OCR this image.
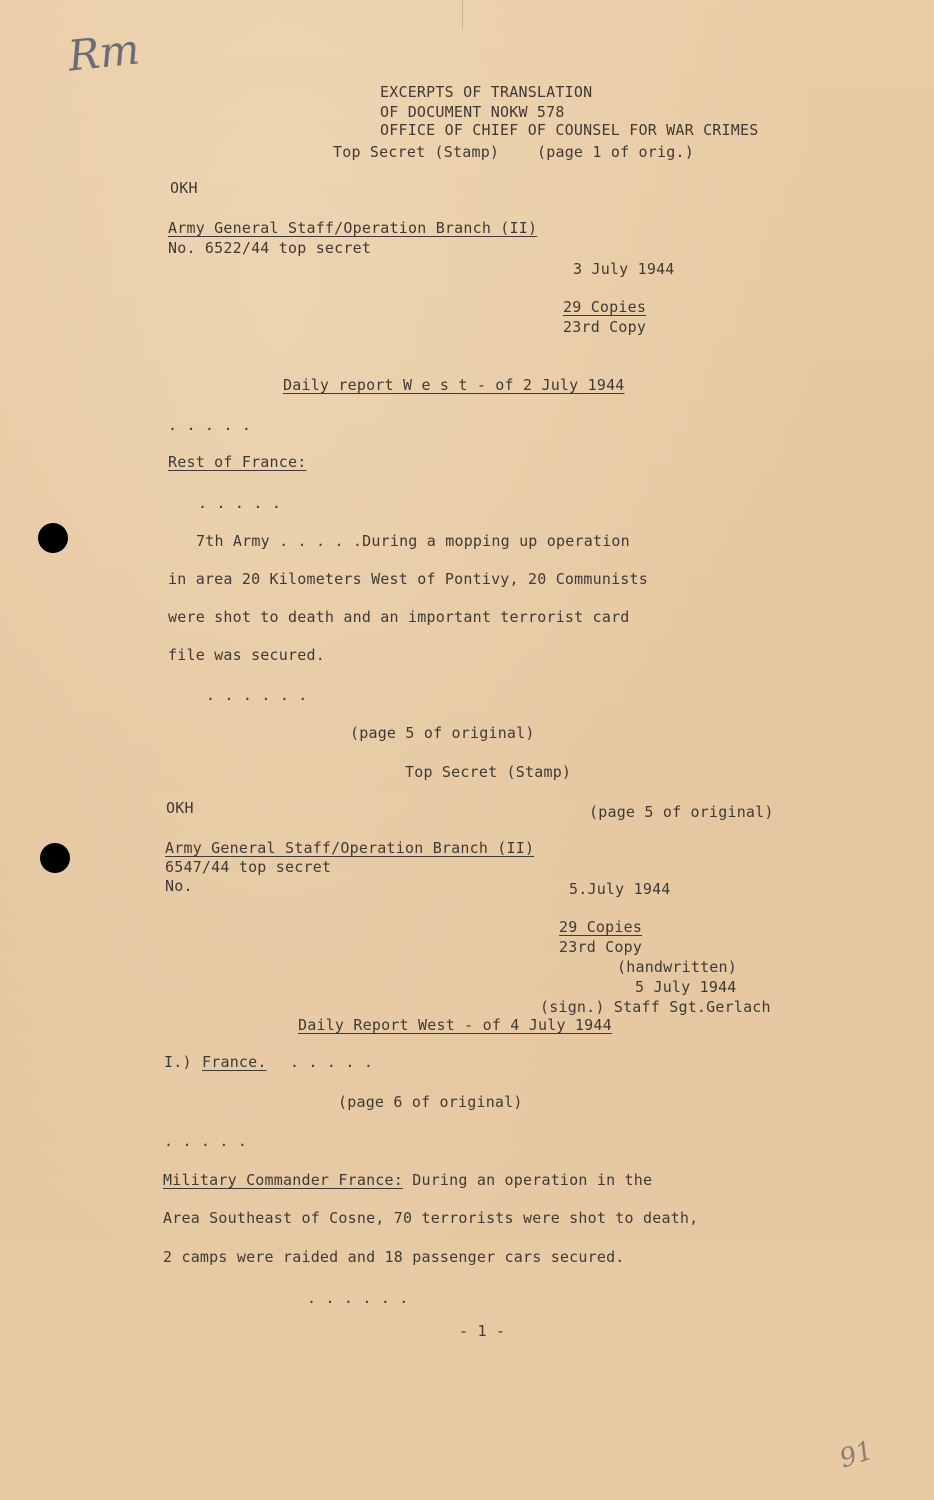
Rm
EXCERPTS OF TRANSLATION
OF DOCUMENT NOKW 578
OFFICE OF CHIEF OF COUNSEL FOR WAR CRIMES
Top Secret (Stamp)	(page 1 of orig.)
OKH
Army General Staff/Operation Branch (II)
No. 6522/44 top secret
3 July 1944
29 Copies
23rd Copy
Daily report W e s t - of 2 July 1944
. . . . .
Rest of France:
. . . . .
7th Army . . . . .During a mopping up operation
in area 20 Kilometers West of Pontivy, 20 Communists
were shot to death and an important terrorist card
file was secured.
. . . . . .
(page 5 of original)
Top Secret (Stamp)
OKH	(page 5 of original)
Army General Staff/Operation Branch (II)
6547/44 top secret
No.	5.July 1944
29 Copies
23rd Copy
(handwritten)
5 July 1944
(sign.) Staff Sgt.Gerlach
Daily Report West - of 4 July 1944
I.) France. . . . . .
(page 6 of original)
. . . . .
Military Commander France: During an operation in the
Area Southeast of Cosne, 70 terrorists were shot to death,
2 camps were raided and 18 passenger cars secured.
. . . . . .
- 1 -
91
